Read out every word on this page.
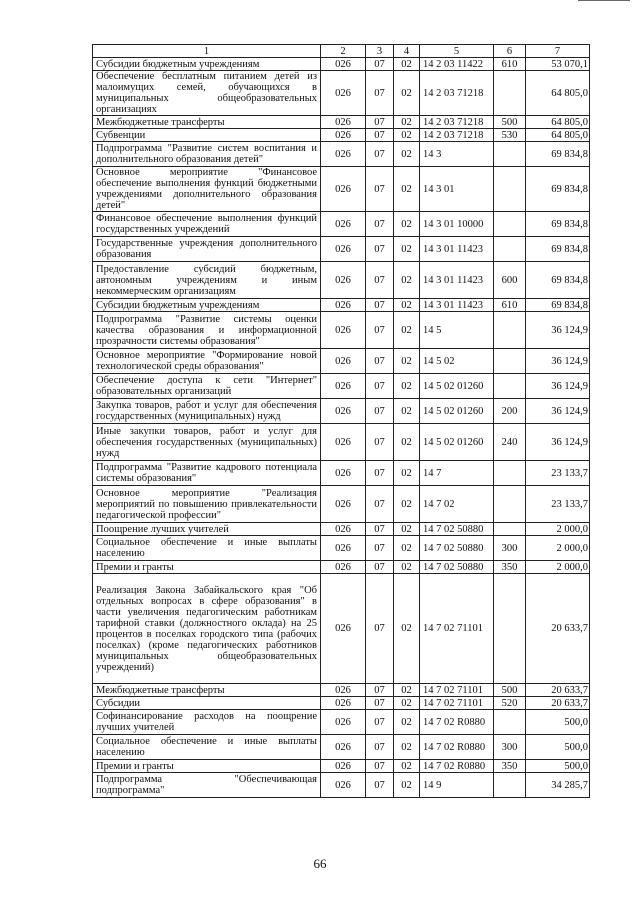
1	2	3	4	5	6	7
Субсидии бюджетным учреждениям	026	07	02	14 2 03 11422	610	53 070,1
Обеспечение бесплатным питанием детей из малоимущих семей, обучающихся в муниципальных общеобразовательных организациях	026	07	02	14 2 03 71218		64 805,0
Межбюджетные трансферты	026	07	02	14 2 03 71218	500	64 805,0
Субвенции	026	07	02	14 2 03 71218	530	64 805,0
Подпрограмма "Развитие систем воспитания и дополнительного образования детей"	026	07	02	14 3		69 834,8
Основное мероприятие "Финансовое обеспечение выполнения функций бюджетными учреждениями дополнительного образования детей"	026	07	02	14 3 01		69 834,8
Финансовое обеспечение выполнения функций государственных учреждений	026	07	02	14 3 01 10000		69 834,8
Государственные учреждения дополнительного образования	026	07	02	14 3 01 11423		69 834,8
Предоставление субсидий бюджетным, автономным учреждениям и иным некоммерческим организациям	026	07	02	14 3 01 11423	600	69 834,8
Субсидии бюджетным учреждениям	026	07	02	14 3 01 11423	610	69 834,8
Подпрограмма "Развитие системы оценки качества образования и информационной прозрачности системы образования"	026	07	02	14 5		36 124,9
Основное мероприятие "Формирование новой технологической среды образования"	026	07	02	14 5 02		36 124,9
Обеспечение доступа к сети "Интернет" образовательных организаций	026	07	02	14 5 02 01260		36 124,9
Закупка товаров, работ и услуг для обеспечения государственных (муниципальных) нужд	026	07	02	14 5 02 01260	200	36 124,9
Иные закупки товаров, работ и услуг для обеспечения государственных (муниципальных) нужд	026	07	02	14 5 02 01260	240	36 124,9
Подпрограмма "Развитие кадрового потенциала системы образования"	026	07	02	14 7		23 133,7
Основное мероприятие "Реализация мероприятий по повышению привлекательности педагогической профессии"	026	07	02	14 7 02		23 133,7
Поощрение лучших учителей	026	07	02	14 7 02 50880		2 000,0
Социальное обеспечение и иные выплаты населению	026	07	02	14 7 02 50880	300	2 000,0
Премии и гранты	026	07	02	14 7 02 50880	350	2 000,0
Реализация Закона Забайкальского края "Об отдельных вопросах в сфере образования" в части увеличения педагогическим работникам тарифной ставки (должностного оклада) на 25 процентов в поселках городского типа (рабочих поселках) (кроме педагогических работников муниципальных общеобразовательных учреждений)	026	07	02	14 7 02 71101		20 633,7
Межбюджетные трансферты	026	07	02	14 7 02 71101	500	20 633,7
Субсидии	026	07	02	14 7 02 71101	520	20 633,7
Софинансирование расходов на поощрение лучших учителей	026	07	02	14 7 02 R0880		500,0
Социальное обеспечение и иные выплаты населению	026	07	02	14 7 02 R0880	300	500,0
Премии и гранты	026	07	02	14 7 02 R0880	350	500,0
Подпрограмма "Обеспечивающая подпрограмма"	026	07	02	14 9		34 285,7
66
